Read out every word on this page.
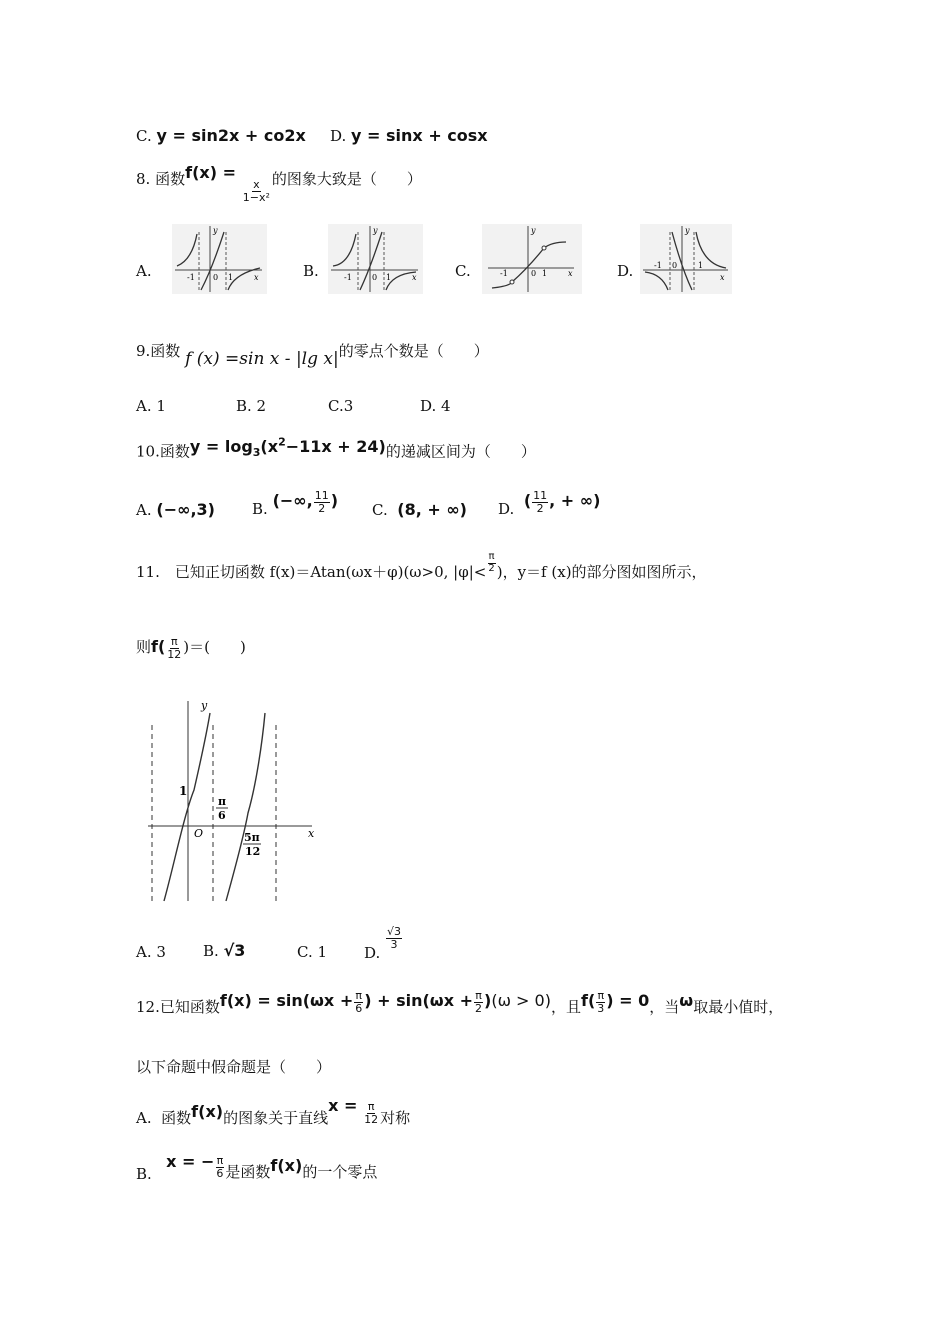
C. y = sin2x + co2x D. y = sinx + cosx
8. 函数f(x) =
$\frac{x}{\text{1−x²}}$ 的图象大致是（　　）
A.	-1 0 1	x
y
B.	-1	0 1	x
y
C.	-1	0 1	x
y
D.	-1 0	1
x
y
9.函数 f (x) =sin x - |lg x|的零点个数是（　　）
A. 1	B. 2	C.3	D. 4
10.函数$y = \log_3(x^2-11x + 24)$的递减区间为（　　）
A. (−∞,3) B. (−∞, $\frac{11}{2}$ ) C. (8, + ∞) D. ( $\frac{11}{2}$ , + ∞)
11.　已知正切函数 f(x)＝Atan(ωx＋φ)(ω>0, $|\varphi|< \frac{\pi}{2}$ )，y＝f (x)的部分图如图所示，
则$f( \frac{\pi}{12}$ )＝(　　)
y
x
O
1
π
6
5π
12
A. 3 B. √3	C. 1 D.
$\frac{√3}{3}$
12.已知函数$f(x) = \sin(\omega x + \frac{\pi}{6}$ ) + $\sin(\omega x + \frac{\pi}{2} )(\omega > 0)$，且$f( \frac{\pi}{3}$ ) = 0，当ω取最小值时，
以下命题中假命题是（　　）
A. 函数f(x)的图象关于直线$x = \frac{\pi}{12}$ 对称
B.   x = − $\frac{\pi}{6}$ 是函数f(x)的一个零点
